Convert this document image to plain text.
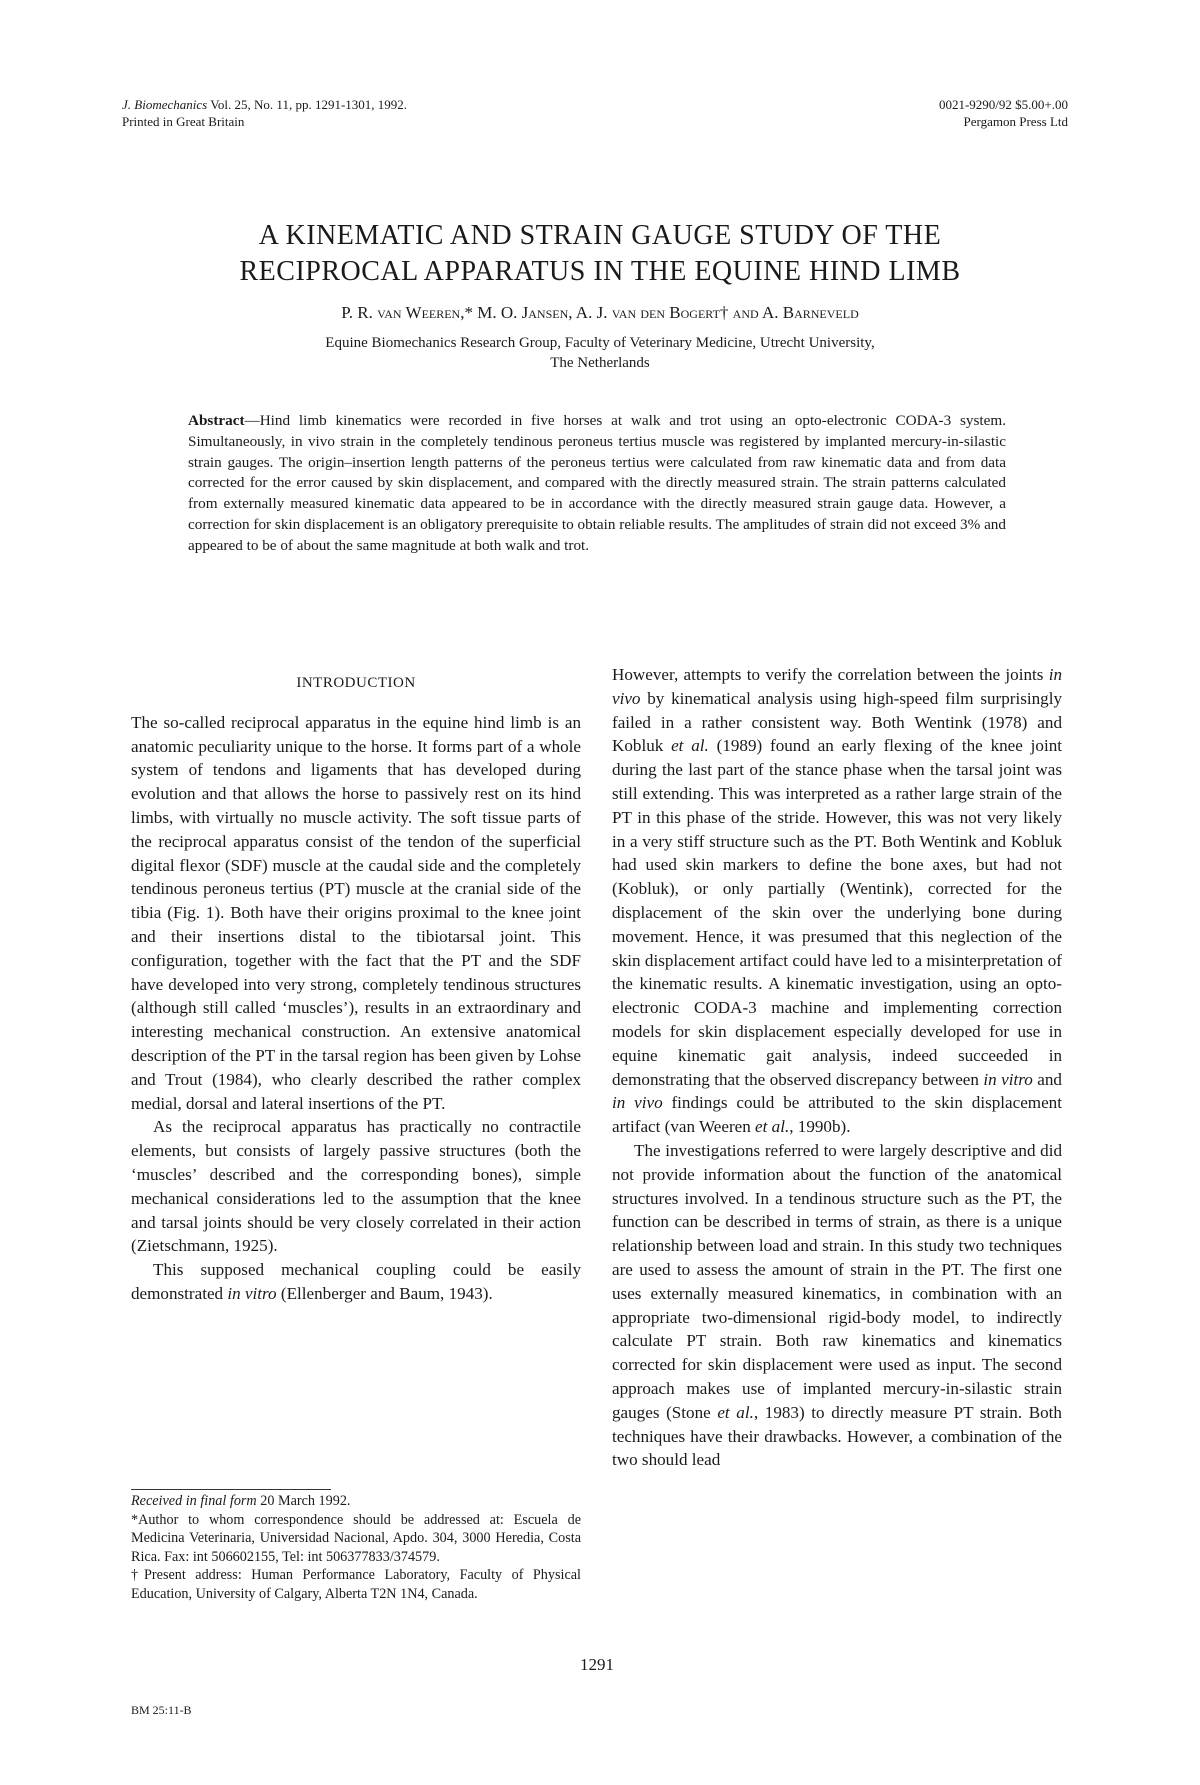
J. Biomechanics Vol. 25, No. 11, pp. 1291-1301, 1992.
Printed in Great Britain
0021-9290/92 $5.00+.00
Pergamon Press Ltd
A KINEMATIC AND STRAIN GAUGE STUDY OF THE
RECIPROCAL APPARATUS IN THE EQUINE HIND LIMB
P. R. van Weeren,* M. O. Jansen, A. J. van den Bogert† and A. Barneveld
Equine Biomechanics Research Group, Faculty of Veterinary Medicine, Utrecht University,
The Netherlands
Abstract—Hind limb kinematics were recorded in five horses at walk and trot using an opto-electronic CODA-3 system. Simultaneously, in vivo strain in the completely tendinous peroneus tertius muscle was registered by implanted mercury-in-silastic strain gauges. The origin–insertion length patterns of the peroneus tertius were calculated from raw kinematic data and from data corrected for the error caused by skin displacement, and compared with the directly measured strain. The strain patterns calculated from externally measured kinematic data appeared to be in accordance with the directly measured strain gauge data. However, a correction for skin displacement is an obligatory prerequisite to obtain reliable results. The amplitudes of strain did not exceed 3% and appeared to be of about the same magnitude at both walk and trot.
INTRODUCTION

The so-called reciprocal apparatus in the equine hind limb is an anatomic peculiarity unique to the horse. It forms part of a whole system of tendons and ligaments that has developed during evolution and that allows the horse to passively rest on its hind limbs, with virtually no muscle activity. The soft tissue parts of the reciprocal apparatus consist of the tendon of the superficial digital flexor (SDF) muscle at the caudal side and the completely tendinous peroneus tertius (PT) muscle at the cranial side of the tibia (Fig. 1). Both have their origins proximal to the knee joint and their insertions distal to the tibiotarsal joint. This configuration, together with the fact that the PT and the SDF have developed into very strong, completely tendinous structures (although still called ‘muscles’), results in an extraordinary and interesting mechanical construction. An extensive anatomical description of the PT in the tarsal region has been given by Lohse and Trout (1984), who clearly described the rather complex medial, dorsal and lateral insertions of the PT.

As the reciprocal apparatus has practically no contractile elements, but consists of largely passive structures (both the ‘muscles’ described and the corresponding bones), simple mechanical considerations led to the assumption that the knee and tarsal joints should be very closely correlated in their action (Zietschmann, 1925).

This supposed mechanical coupling could be easily demonstrated in vitro (Ellenberger and Baum, 1943).

However, attempts to verify the correlation between the joints in vivo by kinematical analysis using high-speed film surprisingly failed in a rather consistent way. Both Wentink (1978) and Kobluk et al. (1989) found an early flexing of the knee joint during the last part of the stance phase when the tarsal joint was still extending. This was interpreted as a rather large strain of the PT in this phase of the stride. However, this was not very likely in a very stiff structure such as the PT. Both Wentink and Kobluk had used skin markers to define the bone axes, but had not (Kobluk), or only partially (Wentink), corrected for the displacement of the skin over the underlying bone during movement. Hence, it was presumed that this neglection of the skin displacement artifact could have led to a misinterpretation of the kinematic results. A kinematic investigation, using an opto-electronic CODA-3 machine and implementing correction models for skin displacement especially developed for use in equine kinematic gait analysis, indeed succeeded in demonstrating that the observed discrepancy between in vitro and in vivo findings could be attributed to the skin displacement artifact (van Weeren et al., 1990b).

The investigations referred to were largely descriptive and did not provide information about the function of the anatomical structures involved. In a tendinous structure such as the PT, the function can be described in terms of strain, as there is a unique relationship between load and strain. In this study two techniques are used to assess the amount of strain in the PT. The first one uses externally measured kinematics, in combination with an appropriate two-dimensional rigid-body model, to indirectly calculate PT strain. Both raw kinematics and kinematics corrected for skin displacement were used as input. The second approach makes use of implanted mercury-in-silastic strain gauges (Stone et al., 1983) to directly measure PT strain. Both techniques have their drawbacks. However, a combination of the two should lead

Received in final form 20 March 1992.

*Author to whom correspondence should be addressed at: Escuela de Medicina Veterinaria, Universidad Nacional, Apdo. 304, 3000 Heredia, Costa Rica. Fax: int 506602155, Tel: int 506377833/374579.

†Present address: Human Performance Laboratory, Faculty of Physical Education, University of Calgary, Alberta T2N 1N4, Canada.

1291
BM 25:11-B
